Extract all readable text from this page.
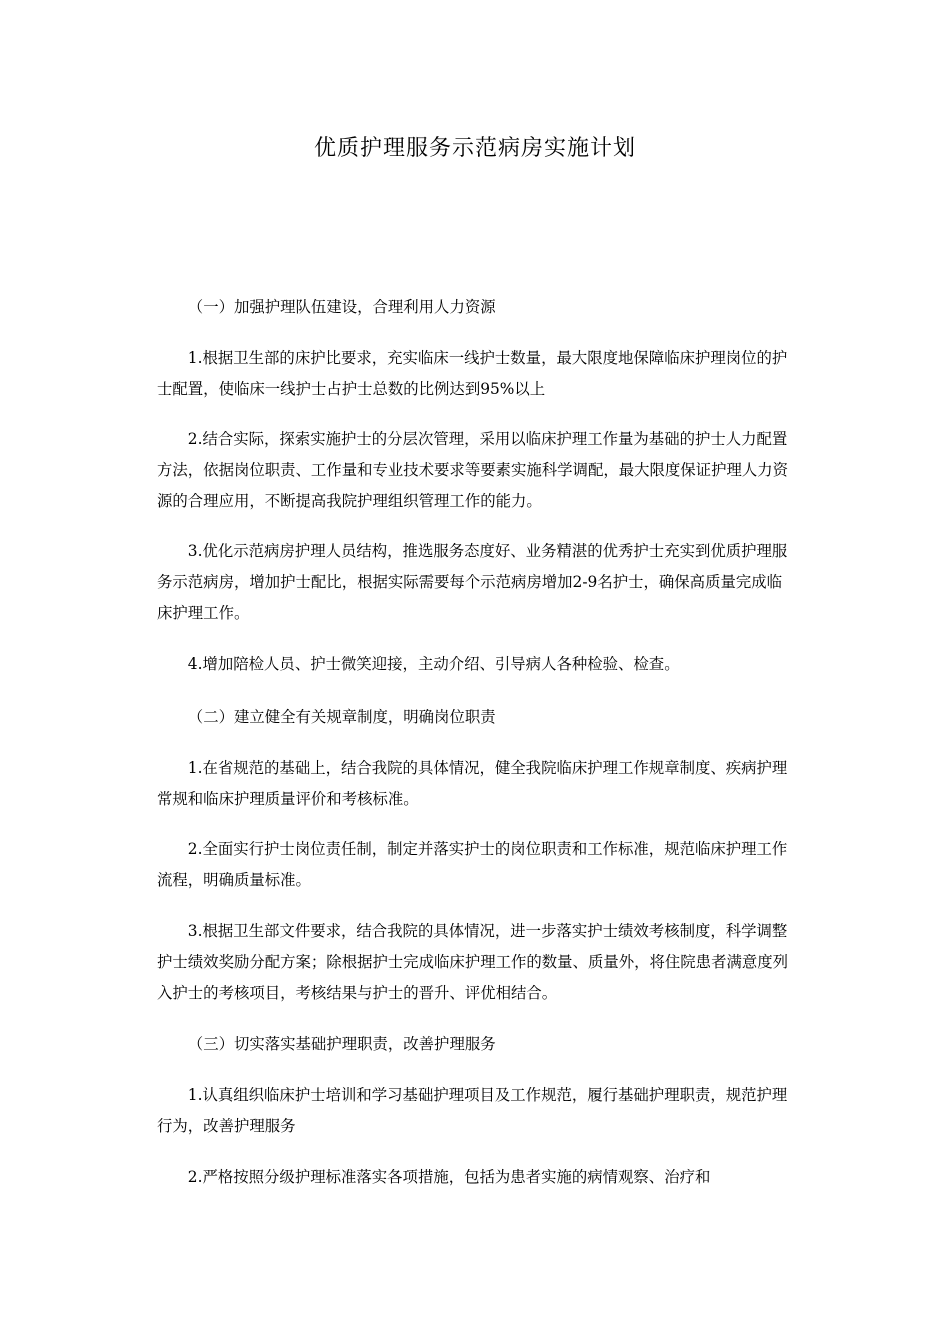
优质护理服务示范病房实施计划

（一）加强护理队伍建设，合理利用人力资源

1.根据卫生部的床护比要求，充实临床一线护士数量，最大限度地保障临床护理岗位的护士配置，使临床一线护士占护士总数的比例达到95%以上

2.结合实际，探索实施护士的分层次管理，采用以临床护理工作量为基础的护士人力配置方法，依据岗位职责、工作量和专业技术要求等要素实施科学调配，最大限度保证护理人力资源的合理应用，不断提高我院护理组织管理工作的能力。

3.优化示范病房护理人员结构，推选服务态度好、业务精湛的优秀护士充实到优质护理服务示范病房，增加护士配比，根据实际需要每个示范病房增加2-9名护士，确保高质量完成临床护理工作。

4.增加陪检人员、护士微笑迎接，主动介绍、引导病人各种检验、检查。

（二）建立健全有关规章制度，明确岗位职责

1.在省规范的基础上，结合我院的具体情况，健全我院临床护理工作规章制度、疾病护理常规和临床护理质量评价和考核标准。

2.全面实行护士岗位责任制，制定并落实护士的岗位职责和工作标准，规范临床护理工作流程，明确质量标准。

3.根据卫生部文件要求，结合我院的具体情况，进一步落实护士绩效考核制度，科学调整护士绩效奖励分配方案；除根据护士完成临床护理工作的数量、质量外，将住院患者满意度列入护士的考核项目，考核结果与护士的晋升、评优相结合。

（三）切实落实基础护理职责，改善护理服务

1.认真组织临床护士培训和学习基础护理项目及工作规范，履行基础护理职责，规范护理行为，改善护理服务

2.严格按照分级护理标准落实各项措施，包括为患者实施的病情观察、治疗和
